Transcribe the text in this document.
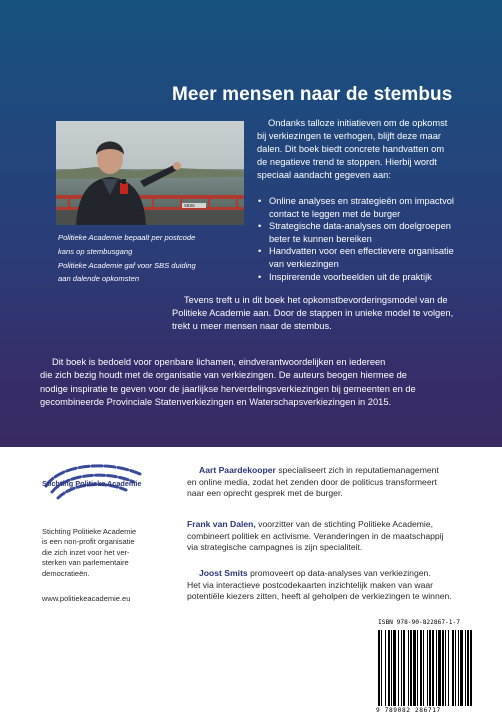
Meer mensen naar de stembus
SBS6
Politieke Academie bepaalt per postcode
kans op stembusgang
Politieke Academie gaf voor SBS duiding
aan dalende opkomsten
Ondanks talloze initiatieven om de opkomst
bij verkiezingen te verhogen, blijft deze maar
dalen. Dit boek biedt concrete handvatten om
de negatieve trend te stoppen. Hierbij wordt
speciaal aandacht gegeven aan:
• Online analyses en strategieën om impactvol
contact te leggen met de burger
• Strategische data-analyses om doelgroepen
beter te kunnen bereiken
• Handvatten voor een effectievere organisatie
van verkiezingen
• Inspirerende voorbeelden uit de praktijk
Tevens treft u in dit boek het opkomstbevorderingsmodel van de
Politieke Academie aan. Door de stappen in unieke model te volgen,
trekt u meer mensen naar de stembus.
Dit boek is bedoeld voor openbare lichamen, eindverantwoordelijken en iedereen
die zich bezig houdt met de organisatie van verkiezingen. De auteurs beogen hiermee de
nodige inspiratie te geven voor de jaarlijkse herverdelingsverkiezingen bij gemeenten en de
gecombineerde Provinciale Statenverkiezingen en Waterschapsverkiezingen in 2015.
Stichting Politieke Academie
Stichting Politieke Academie
is een non-profit organisatie
die zich inzet voor het ver-
sterken van parlementaire
democratieën.
www.politiekeacademie.eu
Aart Paardekooper specialiseert zich in reputatiemanagement
en online media, zodat het zenden door de politicus transformeert
naar een oprecht gesprek met de burger.
Frank van Dalen, voorzitter van de stichting Politieke Academie,
combineert politiek en activisme. Veranderingen in de maatschappij
via strategische campagnes is zijn specialiteit.
Joost Smits promoveert op data-analyses van verkiezingen.
Het via interactieve postcodekaarten inzichtelijk maken van waar
potentiële kiezers zitten, heeft al geholpen de verkiezingen te winnen.
ISBN 978-90-822867-1-7
9 789082 286717
